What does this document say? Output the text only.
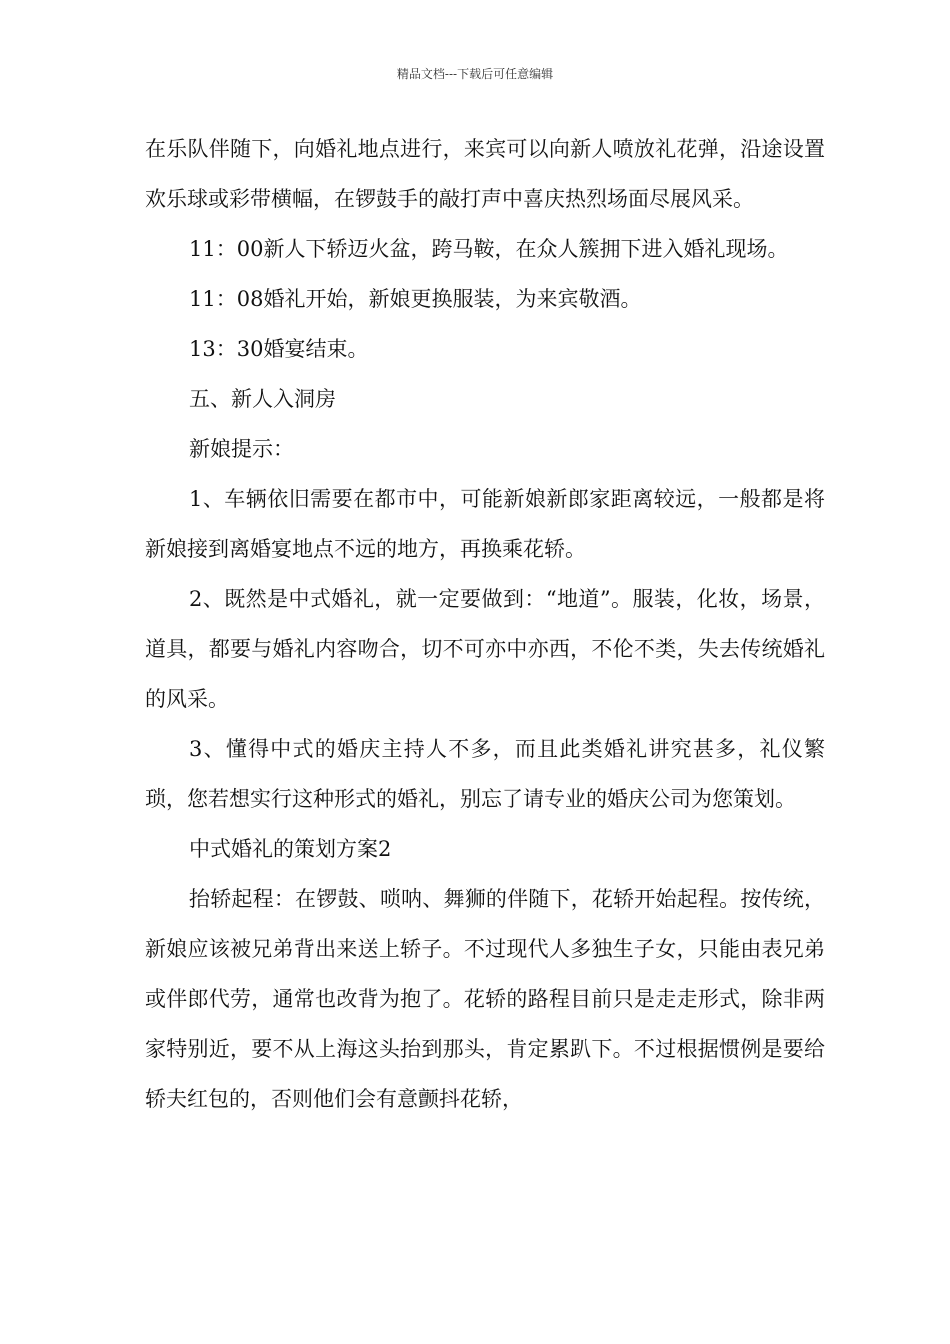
精品文档---下载后可任意编辑

在乐队伴随下，向婚礼地点进行，来宾可以向新人喷放礼花弹，沿途设置欢乐球或彩带横幅，在锣鼓手的敲打声中喜庆热烈场面尽展风采。

11：00新人下轿迈火盆，跨马鞍，在众人簇拥下进入婚礼现场。

11：08婚礼开始，新娘更换服装，为来宾敬酒。

13：30婚宴结束。

五、新人入洞房

新娘提示：

1、车辆依旧需要在都市中，可能新娘新郎家距离较远，一般都是将新娘接到离婚宴地点不远的地方，再换乘花轿。

2、既然是中式婚礼，就一定要做到：“地道”。服装，化妆，场景，道具，都要与婚礼内容吻合，切不可亦中亦西，不伦不类，失去传统婚礼的风采。

3、懂得中式的婚庆主持人不多，而且此类婚礼讲究甚多，礼仪繁琐，您若想实行这种形式的婚礼，别忘了请专业的婚庆公司为您策划。

中式婚礼的策划方案2

抬轿起程：在锣鼓、唢呐、舞狮的伴随下，花轿开始起程。按传统，新娘应该被兄弟背出来送上轿子。不过现代人多独生子女，只能由表兄弟或伴郎代劳，通常也改背为抱了。花轿的路程目前只是走走形式，除非两家特别近，要不从上海这头抬到那头，肯定累趴下。不过根据惯例是要给轿夫红包的，否则他们会有意颤抖花轿，
